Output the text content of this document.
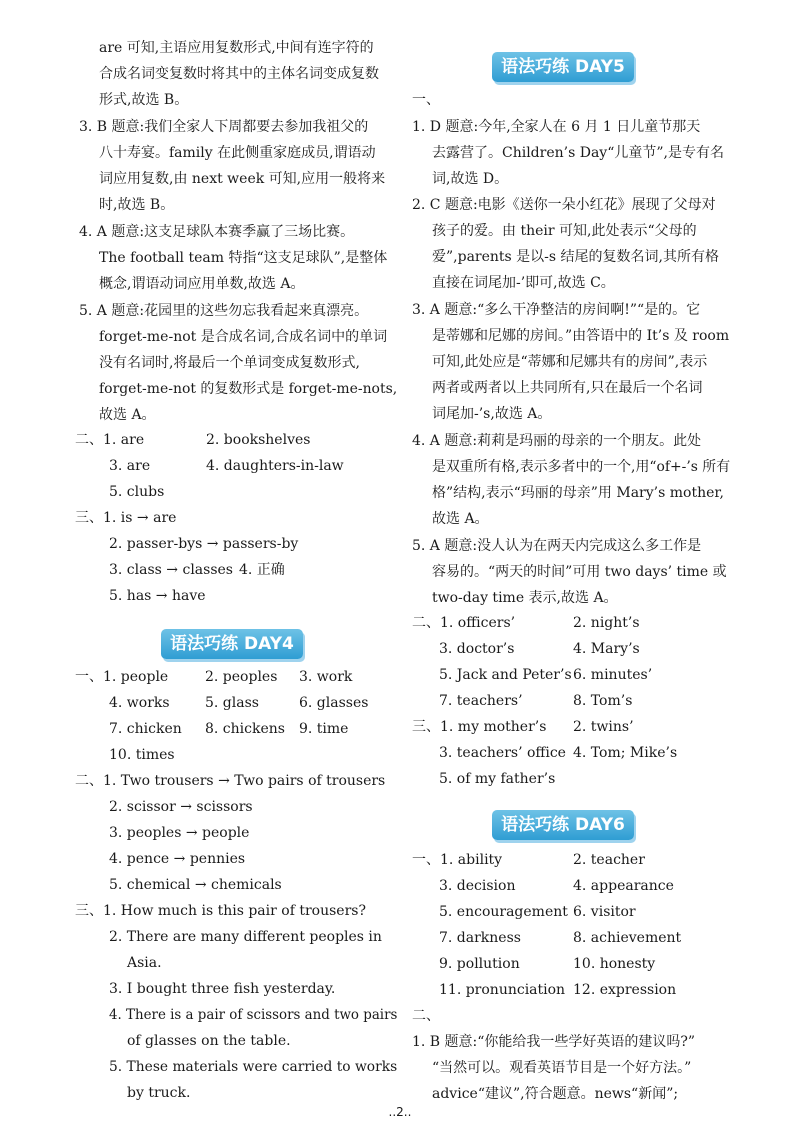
are 可知,主语应用复数形式,中间有连字符的
合成名词变复数时将其中的主体名词变成复数
形式,故选 B。
3. B 题意:我们全家人下周都要去参加我祖父的
八十寿宴。family 在此侧重家庭成员,谓语动
词应用复数,由 next week 可知,应用一般将来
时,故选 B。
4. A 题意:这支足球队本赛季赢了三场比赛。
The football team 特指“这支足球队”,是整体
概念,谓语动词应用单数,故选 A。
5. A 题意:花园里的这些勿忘我看起来真漂亮。
forget-me-not 是合成名词,合成名词中的单词
没有名词时,将最后一个单词变成复数形式,
forget-me-not 的复数形式是 forget-me-nots,
故选 A。
二、1. are	2. bookshelves
3. are	4. daughters-in-law
5. clubs
三、1. is → are
2. passer-bys → passers-by
3. class → classes 4. 正确
5. has → have
一、1. people	2. peoples 3. work
4. works	5. glass	6. glasses
7. chicken 8. chickens 9. time
10. times
二、1. Two trousers → Two pairs of trousers
2. scissor → scissors
3. peoples → people
4. pence → pennies
5. chemical → chemicals
三、1. How much is this pair of trousers?
2. There are many different peoples in
Asia.
3. I bought three fish yesterday.
4. There is a pair of scissors and two pairs
of glasses on the table.
5. These materials were carried to works
by truck.
一、
1. D 题意:今年,全家人在 6 月 1 日儿童节那天
去露营了。Children’s Day“儿童节”,是专有名
词,故选 D。
2. C 题意:电影《送你一朵小红花》展现了父母对
孩子的爱。由 their 可知,此处表示“父母的
爱”,parents 是以-s 结尾的复数名词,其所有格
直接在词尾加-’即可,故选 C。
3. A 题意:“多么干净整洁的房间啊!”“是的。它
是蒂娜和尼娜的房间。”由答语中的 It’s 及 room
可知,此处应是“蒂娜和尼娜共有的房间”,表示
两者或两者以上共同所有,只在最后一个名词
词尾加-’s,故选 A。
4. A 题意:莉莉是玛丽的母亲的一个朋友。此处
是双重所有格,表示多者中的一个,用“of+-’s 所有
格”结构,表示“玛丽的母亲”用 Mary’s mother,
故选 A。
5. A 题意:没人认为在两天内完成这么多工作是
容易的。“两天的时间”可用 two days’ time 或
two-day time 表示,故选 A。
二、1. officers’	2. night’s
3. doctor’s	4. Mary’s
5. Jack and Peter’s 6. minutes’
7. teachers’	8. Tom’s
三、1. my mother’s 2. twins’
3. teachers’ office 4. Tom; Mike’s
5. of my father’s
一、1. ability	2. teacher
3. decision	4. appearance
5. encouragement 6. visitor
7. darkness	8. achievement
9. pollution	10. honesty
11. pronunciation 12. expression
二、
1. B 题意:“你能给我一些学好英语的建议吗?”
“当然可以。观看英语节目是一个好方法。”
advice“建议”,符合题意。news“新闻”;
语法巧练 DAY4
语法巧练 DAY5
语法巧练 DAY6
..2..
